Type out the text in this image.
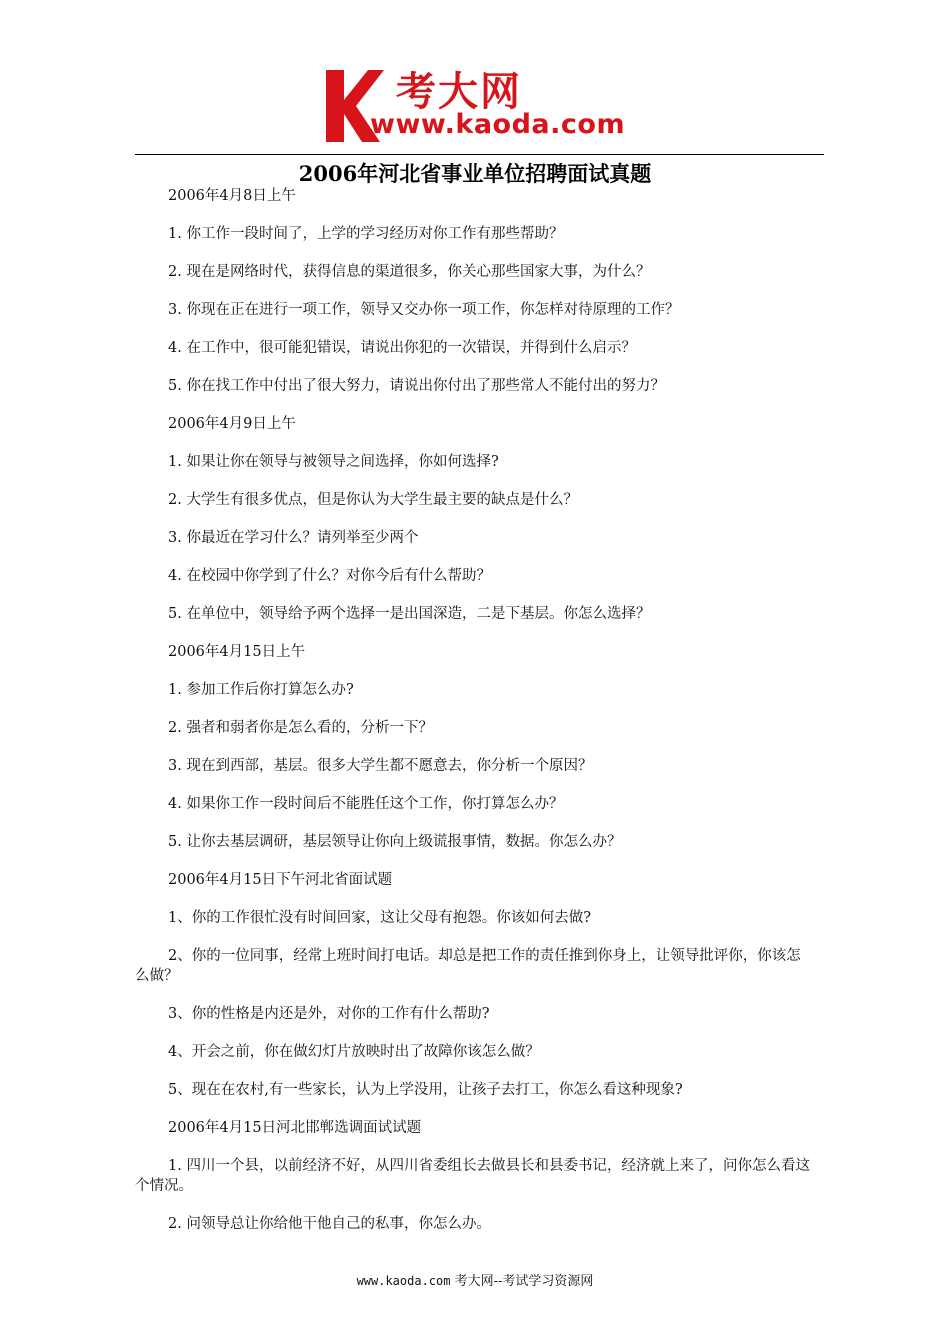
考大网
www.kaoda.com
2006年河北省事业单位招聘面试真题

2006年4月8日上午

1. 你工作一段时间了，上学的学习经历对你工作有那些帮助？

2. 现在是网络时代，获得信息的渠道很多，你关心那些国家大事，为什么？

3. 你现在正在进行一项工作，领导又交办你一项工作，你怎样对待原理的工作？

4. 在工作中，很可能犯错误，请说出你犯的一次错误，并得到什么启示？

5. 你在找工作中付出了很大努力，请说出你付出了那些常人不能付出的努力？

2006年4月9日上午

1. 如果让你在领导与被领导之间选择，你如何选择?

2. 大学生有很多优点，但是你认为大学生最主要的缺点是什么？

3. 你最近在学习什么？请列举至少两个

4. 在校园中你学到了什么？对你今后有什么帮助？

5. 在单位中，领导给予两个选择一是出国深造，二是下基层。你怎么选择？

2006年4月15日上午

1. 参加工作后你打算怎么办?

2. 强者和弱者你是怎么看的，分析一下？

3. 现在到西部，基层。很多大学生都不愿意去，你分析一个原因？

4. 如果你工作一段时间后不能胜任这个工作，你打算怎么办？

5. 让你去基层调研，基层领导让你向上级谎报事情，数据。你怎么办？

2006年4月15日下午河北省面试题

1、你的工作很忙没有时间回家，这让父母有抱怨。你该如何去做?

2、你的一位同事，经常上班时间打电话。却总是把工作的责任推到你身上，让领导批评你，你该怎么做？

3、你的性格是内还是外，对你的工作有什么帮助?

4、开会之前，你在做幻灯片放映时出了故障你该怎么做？

5、现在在农村,有一些家长，认为上学没用，让孩子去打工，你怎么看这种现象?

2006年4月15日河北邯郸选调面试试题

1. 四川一个县，以前经济不好，从四川省委组长去做县长和县委书记，经济就上来了，问你怎么看这个情况。

2. 问领导总让你给他干他自己的私事，你怎么办。

www.kaoda.com 考大网--考试学习资源网
